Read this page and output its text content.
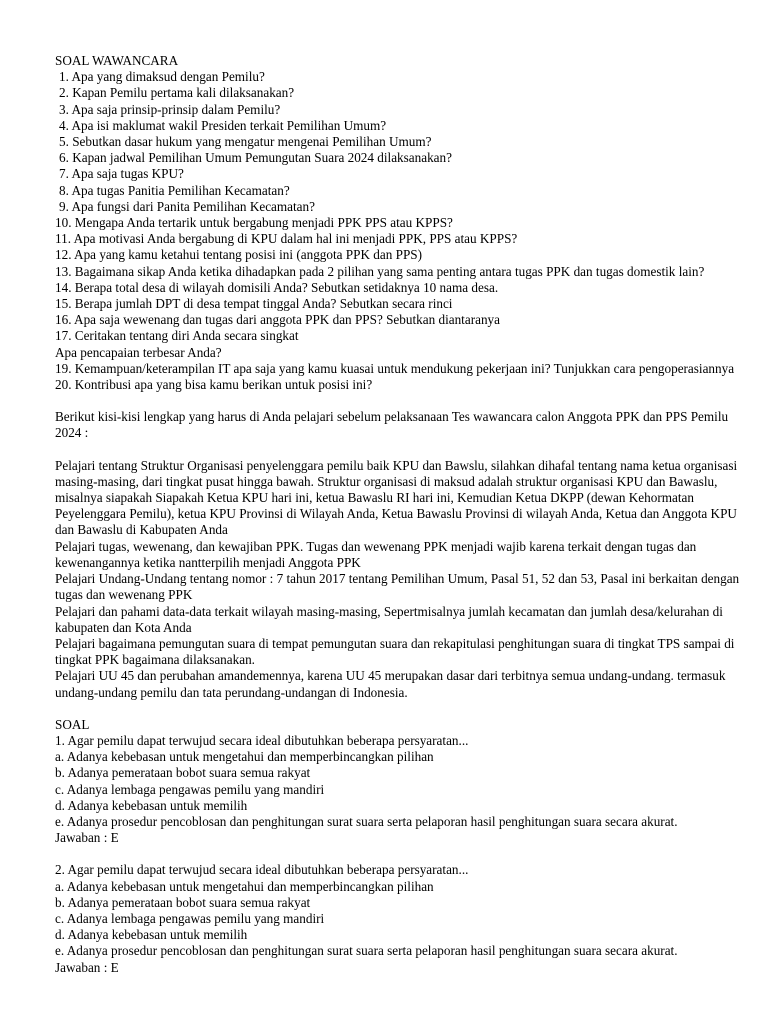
SOAL WAWANCARA
1. Apa yang dimaksud dengan Pemilu?
2. Kapan Pemilu pertama kali dilaksanakan?
3. Apa saja prinsip-prinsip dalam Pemilu?
4. Apa isi maklumat wakil Presiden terkait Pemilihan Umum?
5. Sebutkan dasar hukum yang mengatur mengenai Pemilihan Umum?
6. Kapan jadwal Pemilihan Umum Pemungutan Suara 2024 dilaksanakan?
7. Apa saja tugas KPU?
8. Apa tugas Panitia Pemilihan Kecamatan?
9. Apa fungsi dari Panita Pemilihan Kecamatan?
10. Mengapa Anda tertarik untuk bergabung menjadi PPK PPS atau KPPS?
11. Apa motivasi Anda bergabung di KPU dalam hal ini menjadi PPK, PPS atau KPPS?
12. Apa yang kamu ketahui tentang posisi ini (anggota PPK dan PPS)
13. Bagaimana sikap Anda ketika dihadapkan pada 2 pilihan yang sama penting antara tugas PPK dan tugas domestik lain?
14. Berapa total desa di wilayah domisili Anda? Sebutkan setidaknya 10 nama desa.
15. Berapa jumlah DPT di desa tempat tinggal Anda? Sebutkan secara rinci
16. Apa saja wewenang dan tugas dari anggota PPK dan PPS? Sebutkan diantaranya
17. Ceritakan tentang diri Anda secara singkat
Apa pencapaian terbesar Anda?
19. Kemampuan/keterampilan IT apa saja yang kamu kuasai untuk mendukung pekerjaan ini? Tunjukkan cara pengoperasiannya
20. Kontribusi apa yang bisa kamu berikan untuk posisi ini?
Berikut kisi-kisi lengkap yang harus di Anda pelajari sebelum pelaksanaan Tes wawancara calon Anggota PPK dan PPS Pemilu 2024 :
Pelajari tentang Struktur Organisasi penyelenggara pemilu baik KPU dan Bawslu, silahkan dihafal tentang nama ketua organisasi masing-masing, dari tingkat pusat hingga bawah. Struktur organisasi di maksud adalah struktur organisasi KPU dan Bawaslu, misalnya siapakah Siapakah Ketua KPU hari ini, ketua Bawaslu RI hari ini, Kemudian Ketua DKPP (dewan Kehormatan Peyelenggara Pemilu), ketua KPU Provinsi di Wilayah Anda, Ketua Bawaslu Provinsi di wilayah Anda, Ketua dan Anggota KPU dan Bawaslu di Kabupaten Anda
Pelajari tugas, wewenang, dan kewajiban PPK. Tugas dan wewenang PPK menjadi wajib karena terkait dengan tugas dan kewenangannya ketika nantterpilih menjadi Anggota PPK
Pelajari Undang-Undang tentang nomor : 7 tahun 2017 tentang Pemilihan Umum, Pasal 51, 52 dan 53, Pasal ini berkaitan dengan tugas dan wewenang PPK
Pelajari dan pahami data-data terkait wilayah masing-masing, Sepertmisalnya jumlah kecamatan dan jumlah desa/kelurahan di kabupaten dan Kota Anda
Pelajari bagaimana pemungutan suara di tempat pemungutan suara dan rekapitulasi penghitungan suara di tingkat TPS sampai di tingkat PPK bagaimana dilaksanakan.
Pelajari UU 45 dan perubahan amandemennya, karena UU 45 merupakan dasar dari terbitnya semua undang-undang. termasuk undang-undang pemilu dan tata perundang-undangan di Indonesia.
SOAL
1. Agar pemilu dapat terwujud secara ideal dibutuhkan beberapa persyaratan...
a. Adanya kebebasan untuk mengetahui dan memperbincangkan pilihan
b. Adanya pemerataan bobot suara semua rakyat
c. Adanya lembaga pengawas pemilu yang mandiri
d. Adanya kebebasan untuk memilih
e. Adanya prosedur pencoblosan dan penghitungan surat suara serta pelaporan hasil penghitungan suara secara akurat.
Jawaban : E
2. Agar pemilu dapat terwujud secara ideal dibutuhkan beberapa persyaratan...
a. Adanya kebebasan untuk mengetahui dan memperbincangkan pilihan
b. Adanya pemerataan bobot suara semua rakyat
c. Adanya lembaga pengawas pemilu yang mandiri
d. Adanya kebebasan untuk memilih
e. Adanya prosedur pencoblosan dan penghitungan surat suara serta pelaporan hasil penghitungan suara secara akurat.
Jawaban : E
